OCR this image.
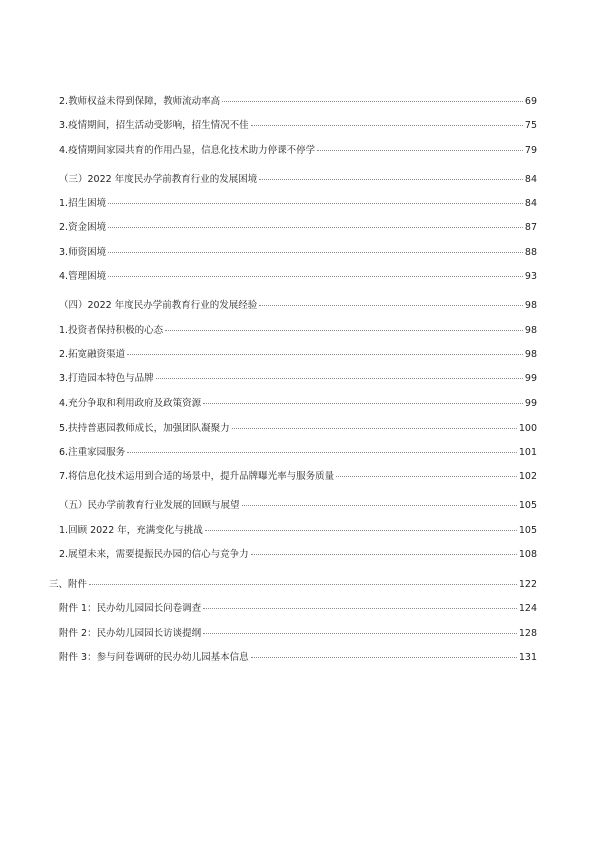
2.教师权益未得到保障，教师流动率高	69
3.疫情期间，招生活动受影响，招生情况不佳	75
4.疫情期间家园共育的作用凸显，信息化技术助力停课不停学	79
（三）2022 年度民办学前教育行业的发展困境	84
1.招生困境	84
2.资金困境	87
3.师资困境	88
4.管理困境	93
（四）2022 年度民办学前教育行业的发展经验	98
1.投资者保持积极的心态	98
2.拓宽融资渠道	98
3.打造园本特色与品牌	99
4.充分争取和利用政府及政策资源	99
5.扶持普惠园教师成长，加强团队凝聚力	100
6.注重家园服务	101
7.将信息化技术运用到合适的场景中，提升品牌曝光率与服务质量	102
（五）民办学前教育行业发展的回顾与展望	105
1.回顾 2022 年，充满变化与挑战	105
2.展望未来，需要提振民办园的信心与竞争力	108
三、附件	122
附件 1：民办幼儿园园长问卷调查	124
附件 2：民办幼儿园园长访谈提纲	128
附件 3：参与问卷调研的民办幼儿园基本信息	131
